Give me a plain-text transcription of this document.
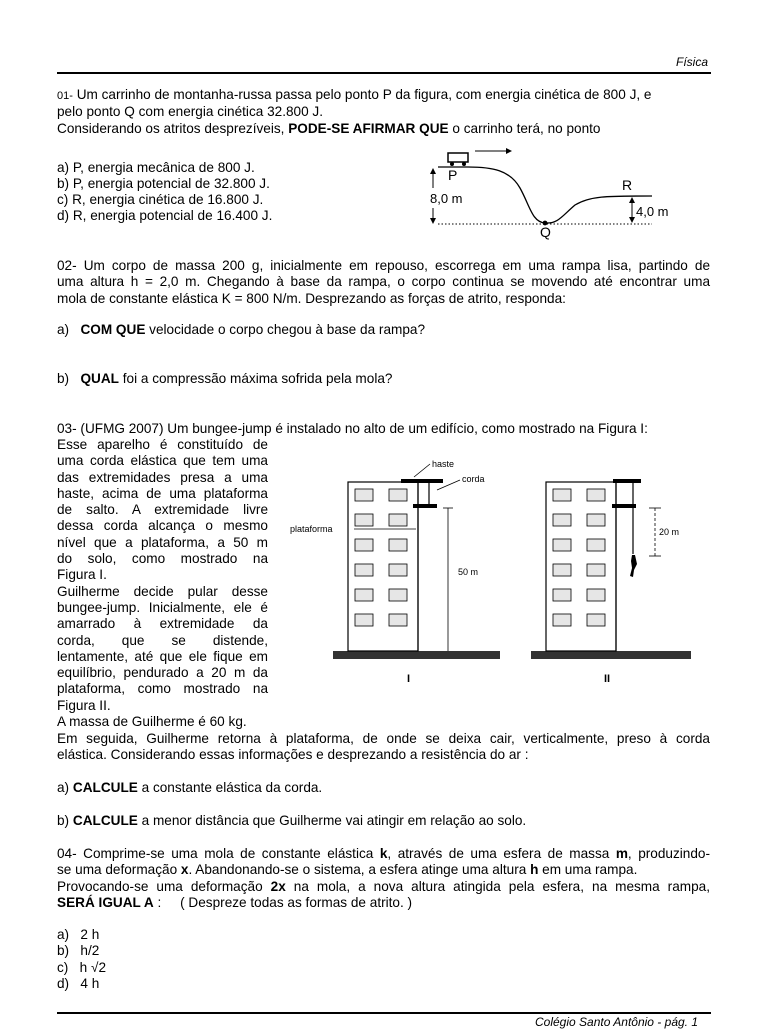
Física
01- Um carrinho de montanha-russa passa pelo ponto P da figura, com energia cinética de 800 J, e
pelo ponto Q com energia cinética 32.800 J.
Considerando os atritos desprezíveis, PODE-SE AFIRMAR QUE o carrinho terá, no ponto
a) P, energia mecânica de 800 J.
b) P, energia potencial de 32.800 J.
c) R, energia cinética de 16.800 J.
d) R, energia potencial de 16.400 J.
8,0 m
P
Q
R
4,0 m
02- Um corpo de massa 200 g, inicialmente em repouso, escorrega em uma rampa lisa, partindo de
uma altura h = 2,0 m. Chegando à base da rampa, o corpo continua se movendo até encontrar uma
mola de constante elástica K = 800 N/m. Desprezando as forças de atrito, responda:
a) COM QUE velocidade o corpo chegou à base da rampa?
b) QUAL foi a compressão máxima sofrida pela mola?
03- (UFMG 2007) Um bungee-jump é instalado no alto de um edifício, como mostrado na Figura I:
Esse aparelho é constituído de
uma corda elástica que tem uma
das extremidades presa a uma
haste, acima de uma plataforma
de salto. A extremidade livre
dessa corda alcança o mesmo
nível que a plataforma, a 50 m
do solo, como mostrado na
Figura I.
Guilherme decide pular desse
bungee-jump. Inicialmente, ele é
amarrado à extremidade da
corda, que se distende,
lentamente, até que ele fique em
equilíbrio, pendurado a 20 m da
plataforma, como mostrado na
Figura II.
A massa de Guilherme é 60 kg.
haste
corda
plataforma
50 m
I
20 m
II
Em seguida, Guilherme retorna à plataforma, de onde se deixa cair, verticalmente, preso à corda
elástica. Considerando essas informações e desprezando a resistência do ar :
a) CALCULE a constante elástica da corda.
b) CALCULE a menor distância que Guilherme vai atingir em relação ao solo.
04- Comprime-se uma mola de constante elástica k, através de uma esfera de massa m, produzindo-
se uma deformação x. Abandonando-se o sistema, a esfera atinge uma altura h em uma rampa.
Provocando-se uma deformação 2x na mola, a nova altura atingida pela esfera, na mesma rampa,
SERÁ IGUAL A :     ( Despreze todas as formas de atrito. )
a)   2 h
b)   h/2
c)   h √2
d)   4 h
Colégio Santo Antônio - pág. 1
